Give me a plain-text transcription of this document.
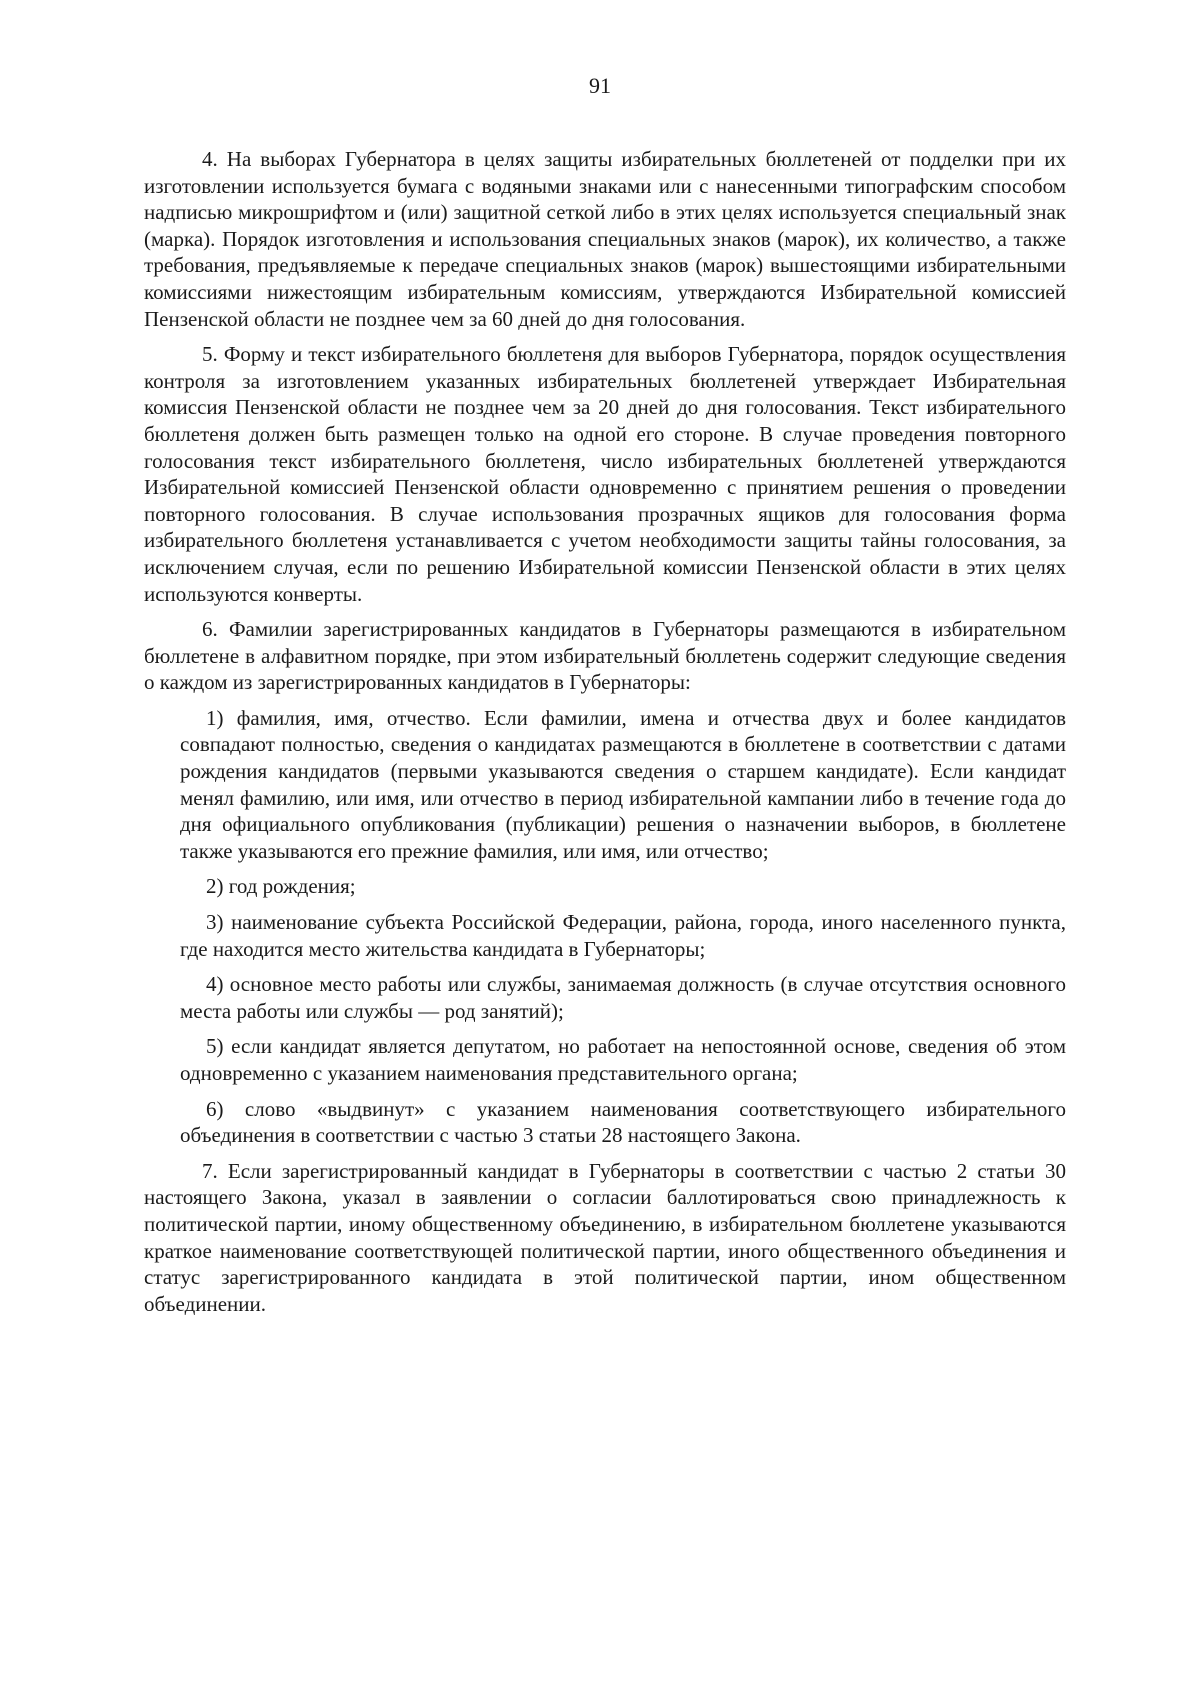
91

4. На выборах Губернатора в целях защиты избирательных бюллетеней от подделки при их изготовлении используется бумага с водяными знаками или с нанесенными типографским способом надписью микрошрифтом и (или) защитной сеткой либо в этих целях используется специальный знак (марка). Порядок изготовления и использования специальных знаков (марок), их количество, а также требования, предъявляемые к передаче специальных знаков (марок) вышестоящими избирательными комиссиями нижестоящим избирательным комиссиям, утверждаются Избирательной комиссией Пензенской области не позднее чем за 60 дней до дня голосования.

5. Форму и текст избирательного бюллетеня для выборов Губернатора, порядок осуществления контроля за изготовлением указанных избирательных бюллетеней утверждает Избирательная комиссия Пензенской области не позднее чем за 20 дней до дня голосования. Текст избирательного бюллетеня должен быть размещен только на одной его стороне. В случае проведения повторного голосования текст избирательного бюллетеня, число избирательных бюллетеней утверждаются Избирательной комиссией Пензенской области одновременно с принятием решения о проведении повторного голосования. В случае использования прозрачных ящиков для голосования форма избирательного бюллетеня устанавливается с учетом необходимости защиты тайны голосования, за исключением случая, если по решению Избирательной комиссии Пензенской области в этих целях используются конверты.

6. Фамилии зарегистрированных кандидатов в Губернаторы размещаются в избирательном бюллетене в алфавитном порядке, при этом избирательный бюллетень содержит следующие сведения о каждом из зарегистрированных кандидатов в Губернаторы:

1) фамилия, имя, отчество. Если фамилии, имена и отчества двух и более кандидатов совпадают полностью, сведения о кандидатах размещаются в бюллетене в соответствии с датами рождения кандидатов (первыми указываются сведения о старшем кандидате). Если кандидат менял фамилию, или имя, или отчество в период избирательной кампании либо в течение года до дня официального опубликования (публикации) решения о назначении выборов, в бюллетене также указываются его прежние фамилия, или имя, или отчество;

2) год рождения;

3) наименование субъекта Российской Федерации, района, города, иного населенного пункта, где находится место жительства кандидата в Губернаторы;

4) основное место работы или службы, занимаемая должность (в случае отсутствия основного места работы или службы — род занятий);

5) если кандидат является депутатом, но работает на непостоянной основе, сведения об этом одновременно с указанием наименования представительного органа;

6) слово «выдвинут» с указанием наименования соответствующего избирательного объединения в соответствии с частью 3 статьи 28 настоящего Закона.

7. Если зарегистрированный кандидат в Губернаторы в соответствии с частью 2 статьи 30 настоящего Закона, указал в заявлении о согласии баллотироваться свою принадлежность к политической партии, иному общественному объединению, в избирательном бюллетене указываются краткое наименование соответствующей политической партии, иного общественного объединения и статус зарегистрированного кандидата в этой политической партии, ином общественном объединении.
